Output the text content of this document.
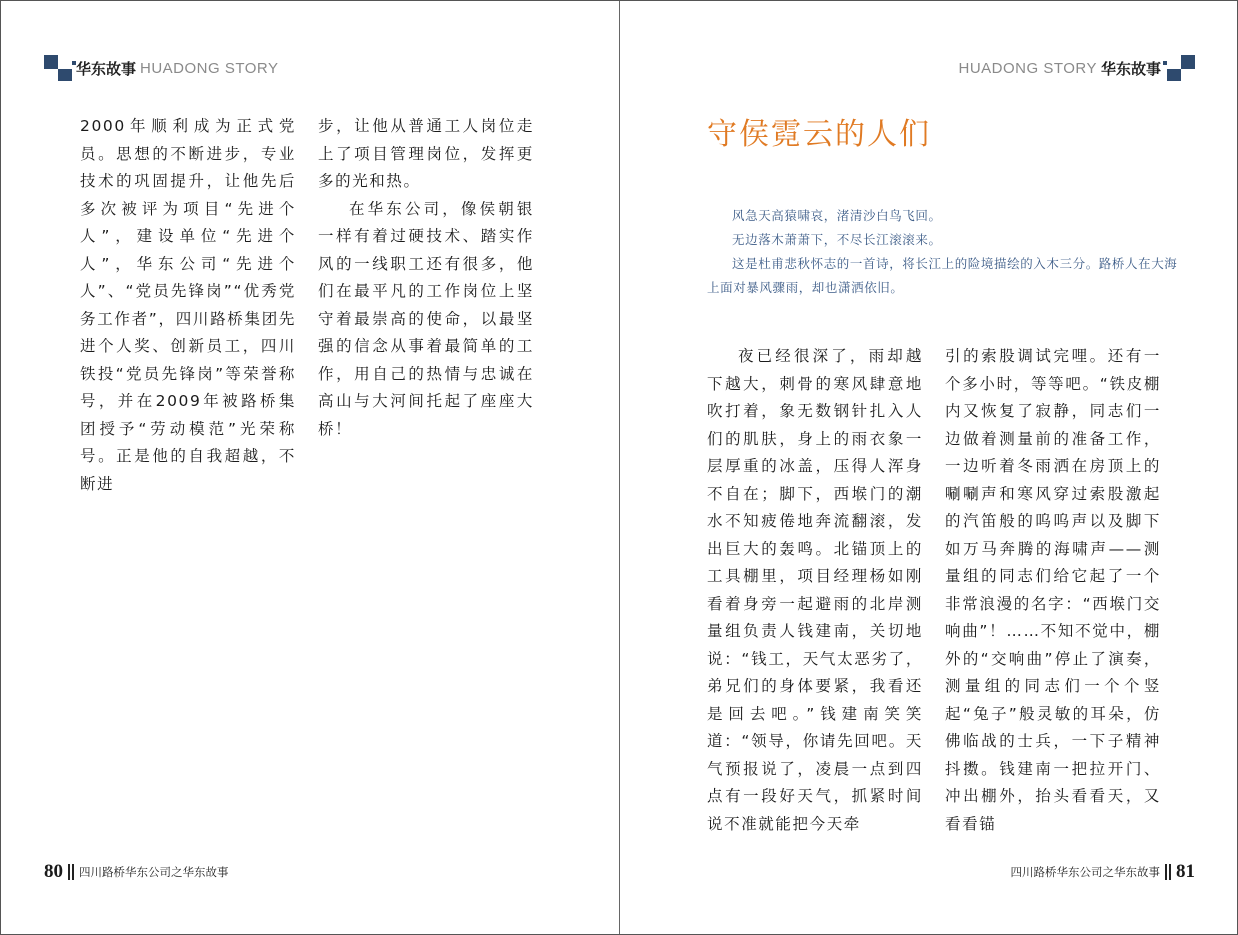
华东故事 HUADONG STORY

2000年顺利成为正式党员。思想的不断进步，专业技术的巩固提升，让他先后多次被评为项目“先进个人”，建设单位“先进个人”，华东公司“先进个人”、“党员先锋岗”“优秀党务工作者”，四川路桥集团先进个人奖、创新员工，四川铁投“党员先锋岗”等荣誉称号，并在2009年被路桥集团授予“劳动模范”光荣称号。正是他的自我超越，不断进

步，让他从普通工人岗位走上了项目管理岗位，发挥更多的光和热。

在华东公司，像侯朝银一样有着过硬技术、踏实作风的一线职工还有很多，他们在最平凡的工作岗位上坚守着最崇高的使命，以最坚强的信念从事着最简单的工作，用自己的热情与忠诚在高山与大河间托起了座座大桥！

80 四川路桥华东公司之华东故事
HUADONG STORY 华东故事
守侯霓云的人们

风急天高猿啸哀，渚清沙白鸟飞回。

无边落木萧萧下，不尽长江滚滚来。

这是杜甫悲秋怀志的一首诗，将长江上的险境描绘的入木三分。路桥人在大海上面对暴风骤雨，却也潇洒依旧。

夜已经很深了，雨却越下越大，刺骨的寒风肆意地吹打着，象无数钢针扎入人们的肌肤，身上的雨衣象一层厚重的冰盖，压得人浑身不自在；脚下，西堠门的潮水不知疲倦地奔流翻滚，发出巨大的轰鸣。北锚顶上的工具棚里，项目经理杨如刚看着身旁一起避雨的北岸测量组负责人钱建南，关切地说：“钱工，天气太恶劣了，弟兄们的身体要紧，我看还是回去吧。”钱建南笑笑道：“领导，你请先回吧。天气预报说了，凌晨一点到四点有一段好天气，抓紧时间说不准就能把今天牵

引的索股调试完哩。还有一个多小时，等等吧。“铁皮棚内又恢复了寂静，同志们一边做着测量前的准备工作，一边听着冬雨洒在房顶上的唰唰声和寒风穿过索股激起的汽笛般的呜呜声以及脚下如万马奔腾的海啸声——测量组的同志们给它起了一个非常浪漫的名字：“西堠门交响曲”！……不知不觉中，棚外的“交响曲”停止了演奏，测量组的同志们一个个竖起“兔子”般灵敏的耳朵，仿佛临战的士兵，一下子精神抖擞。钱建南一把拉开门、冲出棚外，抬头看看天，又看看锚

四川路桥华东公司之华东故事 81
